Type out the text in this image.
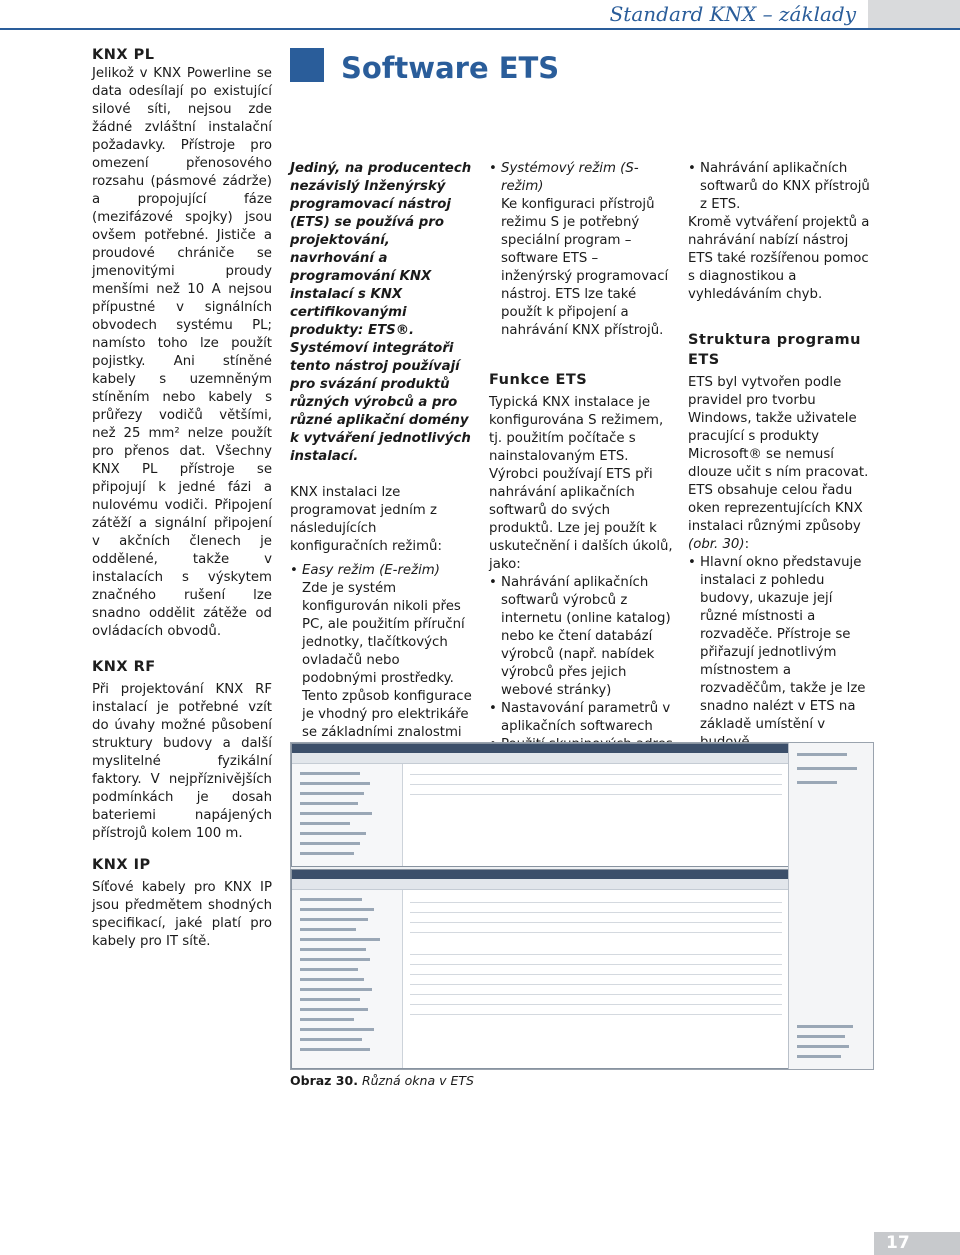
Standard KNX – základy
KNX PL

Jelikož v KNX Powerline se data odesílají po existující silové síti, nejsou zde žádné zvláštní instalační požadavky. Přístroje pro omezení přenosového rozsahu (pásmové zádrže) a propojující fáze (mezifázové spojky) jsou ovšem potřebné. Jističe a proudové chrániče se jmenovitými proudy menšími než 10 A nejsou přípustné v signálních obvodech systému PL; namísto toho lze použít pojistky. Ani stíněné kabely s uzemněným stíněním nebo kabely s průřezy vodičů většími, než 25 mm² nelze použít pro přenos dat. Všechny KNX PL přístroje se připojují k jedné fázi a nulovému vodiči. Připojení zátěží a signální připojení v akčních členech je oddělené, takže v instalacích s výskytem značného rušení lze snadno oddělit zátěže od ovládacích obvodů.

KNX RF

Při projektování KNX RF instalací je potřebné vzít do úvahy možné působení struktury budovy a další myslitelné fyzikální faktory. V nejpříznivějších podmínkách je dosah bateriemi napájených přístrojů kolem 100 m.

KNX IP

Síťové kabely pro KNX IP jsou předmětem shodných specifikací, jaké platí pro kabely pro IT sítě.

Software ETS

Jediný, na producentech nezávislý Inženýrský programovací nástroj (ETS) se používá pro projektování, navrhování a programování KNX instalací s KNX certifikovanými produkty: ETS®. Systémoví integrátoři tento nástroj používají pro svázání produktů různých výrobců a pro různé aplikační domény k vytváření jednotlivých instalací.

KNX instalaci lze programovat jedním z následujících konfiguračních režimů:

• Easy režim (E-režim)
Zde je systém konfigurován nikoli přes PC, ale použitím příruční jednotky, tlačítkových ovladačů nebo podobnými prostředky. Tento způsob konfigurace je vhodný pro elektrikáře se základními znalostmi
• Systémový režim (S-režim)
Ke konfiguraci přístrojů režimu S je potřebný speciální program – software ETS – inženýrský programovací nástroj. ETS lze také použít k připojení a nahrávání KNX přístrojů.
Funkce ETS

Typická KNX instalace je konfigurována S režimem, tj. použitím počítače s nainstalovaným ETS. Výrobci používají ETS při nahrávání aplikačních softwarů do svých produktů. Lze jej použít k uskutečnění i dalších úkolů, jako:

• Nahrávání aplikačních softwarů výrobců z internetu (online katalog) nebo ke čtení databází výrobců (např. nabídek výrobců přes jejich webové stránky)
• Nastavování parametrů v aplikačních softwarech
•
• Nahrávání aplikačních softwarů do KNX přístrojů z ETS.

Kromě vytváření projektů a nahrávání nabízí nástroj ETS také rozšířenou pomoc s diagnostikou a vyhledáváním chyb.

Struktura programu ETS

ETS byl vytvořen podle pravidel pro tvorbu Windows, takže uživatele pracující s produkty Microsoft® se nemusí dlouze učit s ním pracovat. ETS obsahuje celou řadu oken reprezentujících KNX instalaci různými způsoby (obr. 30):

• Hlavní okno představuje instalaci z pohledu budovy, ukazuje její různé místnosti a rozvaděče. Přístroje se přiřazují jednotlivým místnostem a rozvaděčům, takže je lze snadno nalézt v ETS na základě umístění v
•
Obraz 30. Různá okna v ETS
17
